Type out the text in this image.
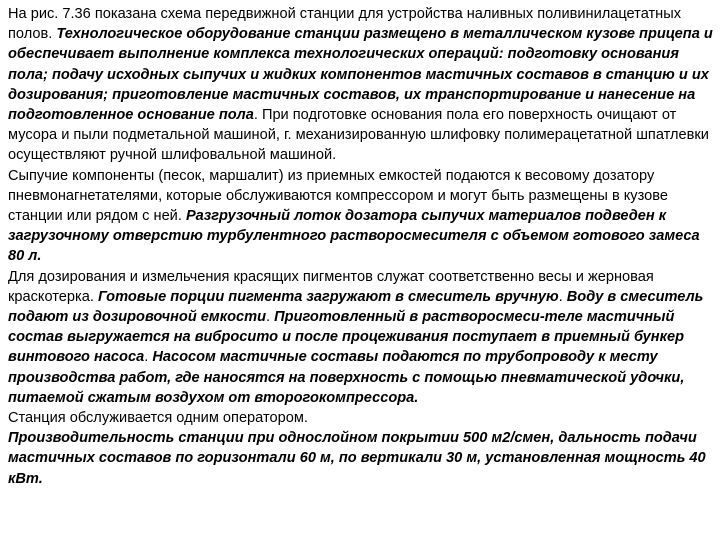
На рис. 7.36 показана схема передвижной станции для устройства наливных поливинилацетатных полов. Технологическое оборудование станции размещено в металлическом кузове прицепа и обеспечивает выполнение комплекса технологических операций: подготовку основания пола; подачу исходных сыпучих и жидких компонентов мастичных составов в станцию и их дозирования; приготовление мастичных составов, их транспортирование и нанесение на подготовленное основание пола. При подготовке основания пола его поверхность очищают от мусора и пыли подметальной машиной, г. механизированную шлифовку полимерацетатной шпатлевки осуществляют ручной шлифовальной машиной.

Сыпучие компоненты (песок, маршалит) из приемных емкостей подаются к весовому дозатору пневмонагнетателями, которые обслуживаются компрессором и могут быть размещены в кузове станции или рядом с ней. Разгрузочный лоток дозатора сыпучих материалов подведен к загрузочному отверстию турбулентного растворосмесителя с объемом готового замеса 80 л.

Для дозирования и измельчения красящих пигментов служат соответственно весы и жерновая краскотерка. Готовые порции пигмента загружают в смеситель вручную. Воду в смеситель подают из дозировочной емкости. Приготовленный в растворосмеси-теле мастичный состав выгружается на вибросито и после процеживания поступает в приемный бункер винтового насоса. Насосом мастичные составы подаются по трубопроводу к месту производства работ, где наносятся на поверхность с помощью пневматической удочки, питаемой сжатым воздухом от второгокомпрессора.

Станция обслуживается одним оператором.

Производительность станции при однослойном покрытии 500 м2/смен, дальность подачи мастичных составов по горизонтали 60 м, по вертикали 30 м, установленная мощность 40 кВт.
